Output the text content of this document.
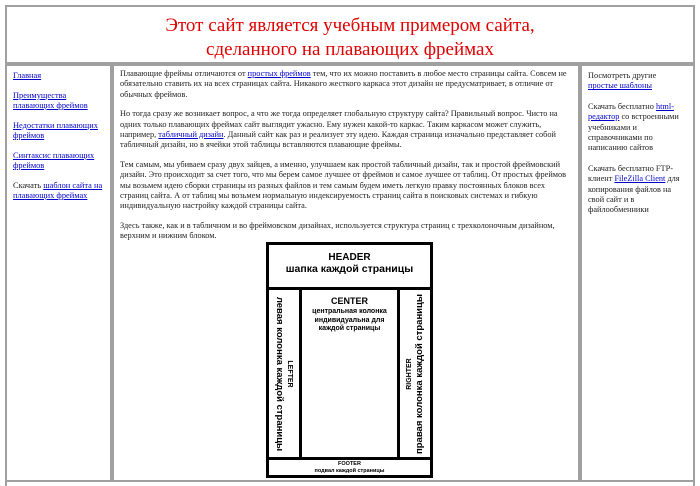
Этот сайт является учебным примером сайта,
сделанного на плавающих фреймах

Главная

Преимущества плавающих фреймов

Недостатки плавающих фреймов

Синтаксис плавающих фреймов

Скачать шаблон сайта на плавающих фреймах

Плавающие фреймы отличаются от простых фреймов тем, что их можно поставить в любое место страницы сайта. Совсем не обязательно ставить их на всех страницах сайта. Никакого жесткого каркаса этот дизайн не предусматривает, в отличие от обычных фреймов.

Но тогда сразу же возникает вопрос, а что же тогда определяет глобальную структуру сайта? Правильный вопрос. Чисто на одних только плавающих фреймах сайт выглядит ужасно. Ему нужен какой-то каркас. Таким каркасом может служить, например, табличный дизайн. Данный сайт как раз и реализует эту идею. Каждая страница изначально представляет собой табличный дизайн, но в ячейки этой таблицы вставляются плавающие фреймы.

Тем самым, мы убиваем сразу двух зайцев, а именно, улучшаем как простой табличный дизайн, так и простой фреймовский дизайн. Это происходит за счет того, что мы берем самое лучшее от фреймов и самое лучшее от таблиц. От простых фреймов мы возьмем идею сборки страницы из разных файлов и тем самым будем иметь легкую правку постоянных блоков всех страниц сайта. А от таблиц мы возьмем нормальную индексируемость страниц сайта в поисковых системах и гибкую индивидуальную настройку каждой страницы сайта.

Здесь также, как и в табличном и во фреймовском дизайнах, используется структура страниц с трехколоночным дизайном, верхним и нижним блоком.

HEADER
шапка каждой страницы
LEFTER
левая колонка каждой страницы	CENTER
центральная колонка индивидуальна для каждой страницы
RIGHTER правая колонка каждой страницы
FOOTER
подвал каждой страницы

Посмотреть другие простые шаблоны

Скачать бесплатно html-редактор со встроенными учебниками и справочниками по написанию сайтов

Скачать бесплатно FTP-клиент FileZilla Client для копирования файлов на свой сайт и в файлообменники
